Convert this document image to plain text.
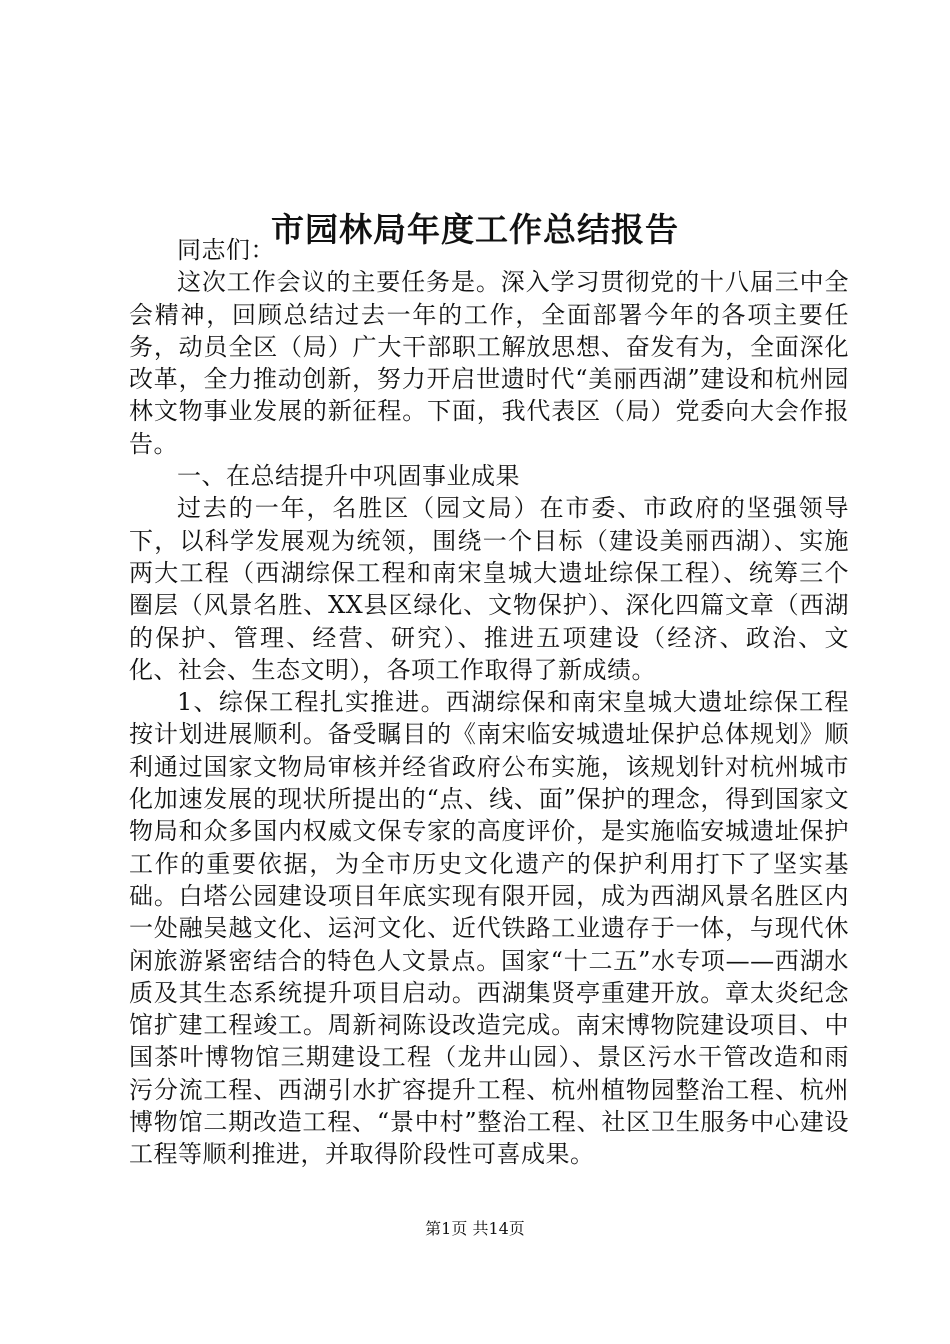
市园林局年度工作总结报告

同志们：

这次工作会议的主要任务是。深入学习贯彻党的十八届三中全会精神，回顾总结过去一年的工作，全面部署今年的各项主要任务，动员全区（局）广大干部职工解放思想、奋发有为，全面深化改革，全力推动创新，努力开启世遗时代“美丽西湖”建设和杭州园林文物事业发展的新征程。下面，我代表区（局）党委向大会作报告。

一、在总结提升中巩固事业成果

过去的一年，名胜区（园文局）在市委、市政府的坚强领导下，以科学发展观为统领，围绕一个目标（建设美丽西湖）、实施两大工程（西湖综保工程和南宋皇城大遗址综保工程）、统筹三个圈层（风景名胜、XX县区绿化、文物保护）、深化四篇文章（西湖的保护、管理、经营、研究）、推进五项建设（经济、政治、文化、社会、生态文明），各项工作取得了新成绩。

1、综保工程扎实推进。西湖综保和南宋皇城大遗址综保工程按计划进展顺利。备受瞩目的《南宋临安城遗址保护总体规划》顺利通过国家文物局审核并经省政府公布实施，该规划针对杭州城市化加速发展的现状所提出的“点、线、面”保护的理念，得到国家文物局和众多国内权威文保专家的高度评价，是实施临安城遗址保护工作的重要依据，为全市历史文化遗产的保护利用打下了坚实基础。白塔公园建设项目年底实现有限开园，成为西湖风景名胜区内一处融吴越文化、运河文化、近代铁路工业遗存于一体，与现代休闲旅游紧密结合的特色人文景点。国家“十二五”水专项——西湖水质及其生态系统提升项目启动。西湖集贤亭重建开放。章太炎纪念馆扩建工程竣工。周新祠陈设改造完成。南宋博物院建设项目、中国茶叶博物馆三期建设工程（龙井山园）、景区污水干管改造和雨污分流工程、西湖引水扩容提升工程、杭州植物园整治工程、杭州博物馆二期改造工程、“景中村”整治工程、社区卫生服务中心建设工程等顺利推进，并取得阶段性可喜成果。

第1页 共14页
